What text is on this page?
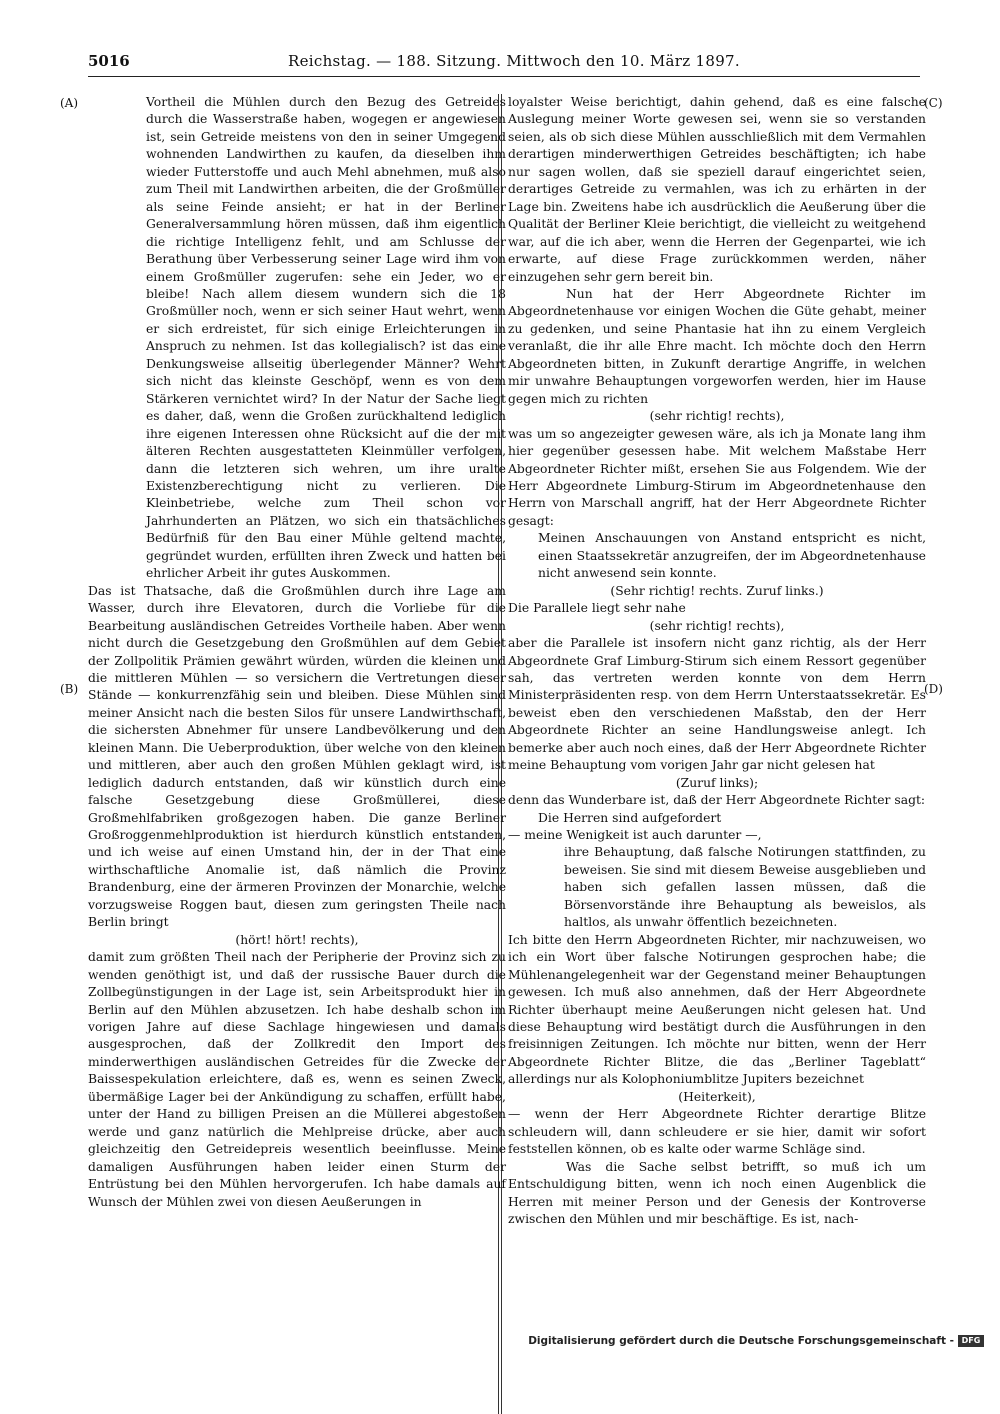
5016	Reichstag. — 188. Sitzung. Mittwoch den 10. März 1897.
(A)
(B)
(C)
(D)

Vortheil die Mühlen durch den Bezug des Getreides durch die Wasserstraße haben, wogegen er angewiesen ist, sein Getreide meistens von den in seiner Umgegend wohnenden Landwirthen zu kaufen, da dieselben ihm wieder Futterstoffe und auch Mehl abnehmen, muß also zum Theil mit Landwirthen arbeiten, die der Großmüller als seine Feinde ansieht; er hat in der Berliner Generalversammlung hören müssen, daß ihm eigentlich die richtige Intelligenz fehlt, und am Schlusse der Berathung über Verbesserung seiner Lage wird ihm von einem Großmüller zugerufen: sehe ein Jeder, wo er bleibe! Nach allem diesem wundern sich die 18 Großmüller noch, wenn er sich seiner Haut wehrt, wenn er sich erdreistet, für sich einige Erleichterungen in Anspruch zu nehmen. Ist das kollegialisch? ist das eine Denkungsweise allseitig überlegender Männer? Wehrt sich nicht das kleinste Geschöpf, wenn es von dem Stärkeren vernichtet wird? In der Natur der Sache liegt es daher, daß, wenn die Großen zurückhaltend lediglich ihre eigenen Interessen ohne Rücksicht auf die der mit älteren Rechten ausgestatteten Kleinmüller verfolgen, dann die letzteren sich wehren, um ihre uralte Existenzberechtigung nicht zu verlieren. Die Kleinbetriebe, welche zum Theil schon vor Jahrhunderten an Plätzen, wo sich ein thatsächliches Bedürfniß für den Bau einer Mühle geltend machte, gegründet wurden, erfüllten ihren Zweck und hatten bei ehrlicher Arbeit ihr gutes Auskommen.

Das ist Thatsache, daß die Großmühlen durch ihre Lage am Wasser, durch ihre Elevatoren, durch die Vorliebe für die Bearbeitung ausländischen Getreides Vortheile haben. Aber wenn nicht durch die Gesetzgebung den Großmühlen auf dem Gebiet der Zollpolitik Prämien gewährt würden, würden die kleinen und die mittleren Mühlen — so versichern die Vertretungen dieser Stände — konkurrenzfähig sein und bleiben. Diese Mühlen sind meiner Ansicht nach die besten Silos für unsere Landwirthschaft, die sichersten Abnehmer für unsere Landbevölkerung und den kleinen Mann. Die Ueberproduktion, über welche von den kleinen und mittleren, aber auch den großen Mühlen geklagt wird, ist lediglich dadurch entstanden, daß wir künstlich durch eine falsche Gesetzgebung diese Großmüllerei, diese Großmehlfabriken großgezogen haben. Die ganze Berliner Großroggenmehlproduktion ist hierdurch künstlich entstanden, und ich weise auf einen Umstand hin, der in der That eine wirthschaftliche Anomalie ist, daß nämlich die Provinz Brandenburg, eine der ärmeren Provinzen der Monarchie, welche vorzugsweise Roggen baut, diesen zum geringsten Theile nach Berlin bringt

(hört! hört! rechts),

damit zum größten Theil nach der Peripherie der Provinz sich zu wenden genöthigt ist, und daß der russische Bauer durch die Zollbegünstigungen in der Lage ist, sein Arbeitsprodukt hier in Berlin auf den Mühlen abzusetzen. Ich habe deshalb schon im vorigen Jahre auf diese Sachlage hingewiesen und damals ausgesprochen, daß der Zollkredit den Import des minderwerthigen ausländischen Getreides für die Zwecke der Baissespekulation erleichtere, daß es, wenn es seinen Zweck, übermäßige Lager bei der Ankündigung zu schaffen, erfüllt habe, unter der Hand zu billigen Preisen an die Müllerei abgestoßen werde und ganz natürlich die Mehlpreise drücke, aber auch gleichzeitig den Getreidepreis wesentlich beeinflusse. Meine damaligen Ausführungen haben leider einen Sturm der Entrüstung bei den Mühlen hervorgerufen. Ich habe damals auf Wunsch der Mühlen zwei von diesen Aeußerungen in

loyalster Weise berichtigt, dahin gehend, daß es eine falsche Auslegung meiner Worte gewesen sei, wenn sie so verstanden seien, als ob sich diese Mühlen ausschließlich mit dem Vermahlen derartigen minderwerthigen Getreides beschäftigten; ich habe nur sagen wollen, daß sie speziell darauf eingerichtet seien, derartiges Getreide zu vermahlen, was ich zu erhärten in der Lage bin. Zweitens habe ich ausdrücklich die Aeußerung über die Qualität der Berliner Kleie berichtigt, die vielleicht zu weitgehend war, auf die ich aber, wenn die Herren der Gegenpartei, wie ich erwarte, auf diese Frage zurückkommen werden, näher einzugehen sehr gern bereit bin.

Nun hat der Herr Abgeordnete Richter im Abgeordnetenhause vor einigen Wochen die Güte gehabt, meiner zu gedenken, und seine Phantasie hat ihn zu einem Vergleich veranlaßt, die ihr alle Ehre macht. Ich möchte doch den Herrn Abgeordneten bitten, in Zukunft derartige Angriffe, in welchen mir unwahre Behauptungen vorgeworfen werden, hier im Hause gegen mich zu richten

(sehr richtig! rechts),

was um so angezeigter gewesen wäre, als ich ja Monate lang ihm hier gegenüber gesessen habe. Mit welchem Maßstabe Herr Abgeordneter Richter mißt, ersehen Sie aus Folgendem. Wie der Herr Abgeordnete Limburg-Stirum im Abgeordnetenhause den Herrn von Marschall angriff, hat der Herr Abgeordnete Richter gesagt:

Meinen Anschauungen von Anstand entspricht es nicht, einen Staatssekretär anzugreifen, der im Abgeordnetenhause nicht anwesend sein konnte.

(Sehr richtig! rechts. Zuruf links.)

Die Parallele liegt sehr nahe

(sehr richtig! rechts),

aber die Parallele ist insofern nicht ganz richtig, als der Herr Abgeordnete Graf Limburg-Stirum sich einem Ressort gegenüber sah, das vertreten werden konnte von dem Herrn Ministerpräsidenten resp. von dem Herrn Unterstaatssekretär. Es beweist eben den verschiedenen Maßstab, den der Herr Abgeordnete Richter an seine Handlungsweise anlegt. Ich bemerke aber auch noch eines, daß der Herr Abgeordnete Richter meine Behauptung vom vorigen Jahr gar nicht gelesen hat

(Zuruf links);

denn das Wunderbare ist, daß der Herr Abgeordnete Richter sagt:

Die Herren sind aufgefordert

— meine Wenigkeit ist auch darunter —,

ihre Behauptung, daß falsche Notirungen stattfinden, zu beweisen. Sie sind mit diesem Beweise ausgeblieben und haben sich gefallen lassen müssen, daß die Börsenvorstände ihre Behauptung als beweislos, als haltlos, als unwahr öffentlich bezeichneten.

Ich bitte den Herrn Abgeordneten Richter, mir nachzuweisen, wo ich ein Wort über falsche Notirungen gesprochen habe; die Mühlenangelegenheit war der Gegenstand meiner Behauptungen gewesen. Ich muß also annehmen, daß der Herr Abgeordnete Richter überhaupt meine Aeußerungen nicht gelesen hat. Und diese Behauptung wird bestätigt durch die Ausführungen in den freisinnigen Zeitungen. Ich möchte nur bitten, wenn der Herr Abgeordnete Richter Blitze, die das „Berliner Tageblatt“ allerdings nur als Kolophoniumblitze Jupiters bezeichnet

(Heiterkeit),

— wenn der Herr Abgeordnete Richter derartige Blitze schleudern will, dann schleudere er sie hier, damit wir sofort feststellen können, ob es kalte oder warme Schläge sind.

Was die Sache selbst betrifft, so muß ich um Entschuldigung bitten, wenn ich noch einen Augenblick die Herren mit meiner Person und der Genesis der Kontroverse zwischen den Mühlen und mir beschäftige. Es ist, nach-

Digitalisierung gefördert durch die Deutsche Forschungsgemeinschaft - DFG
